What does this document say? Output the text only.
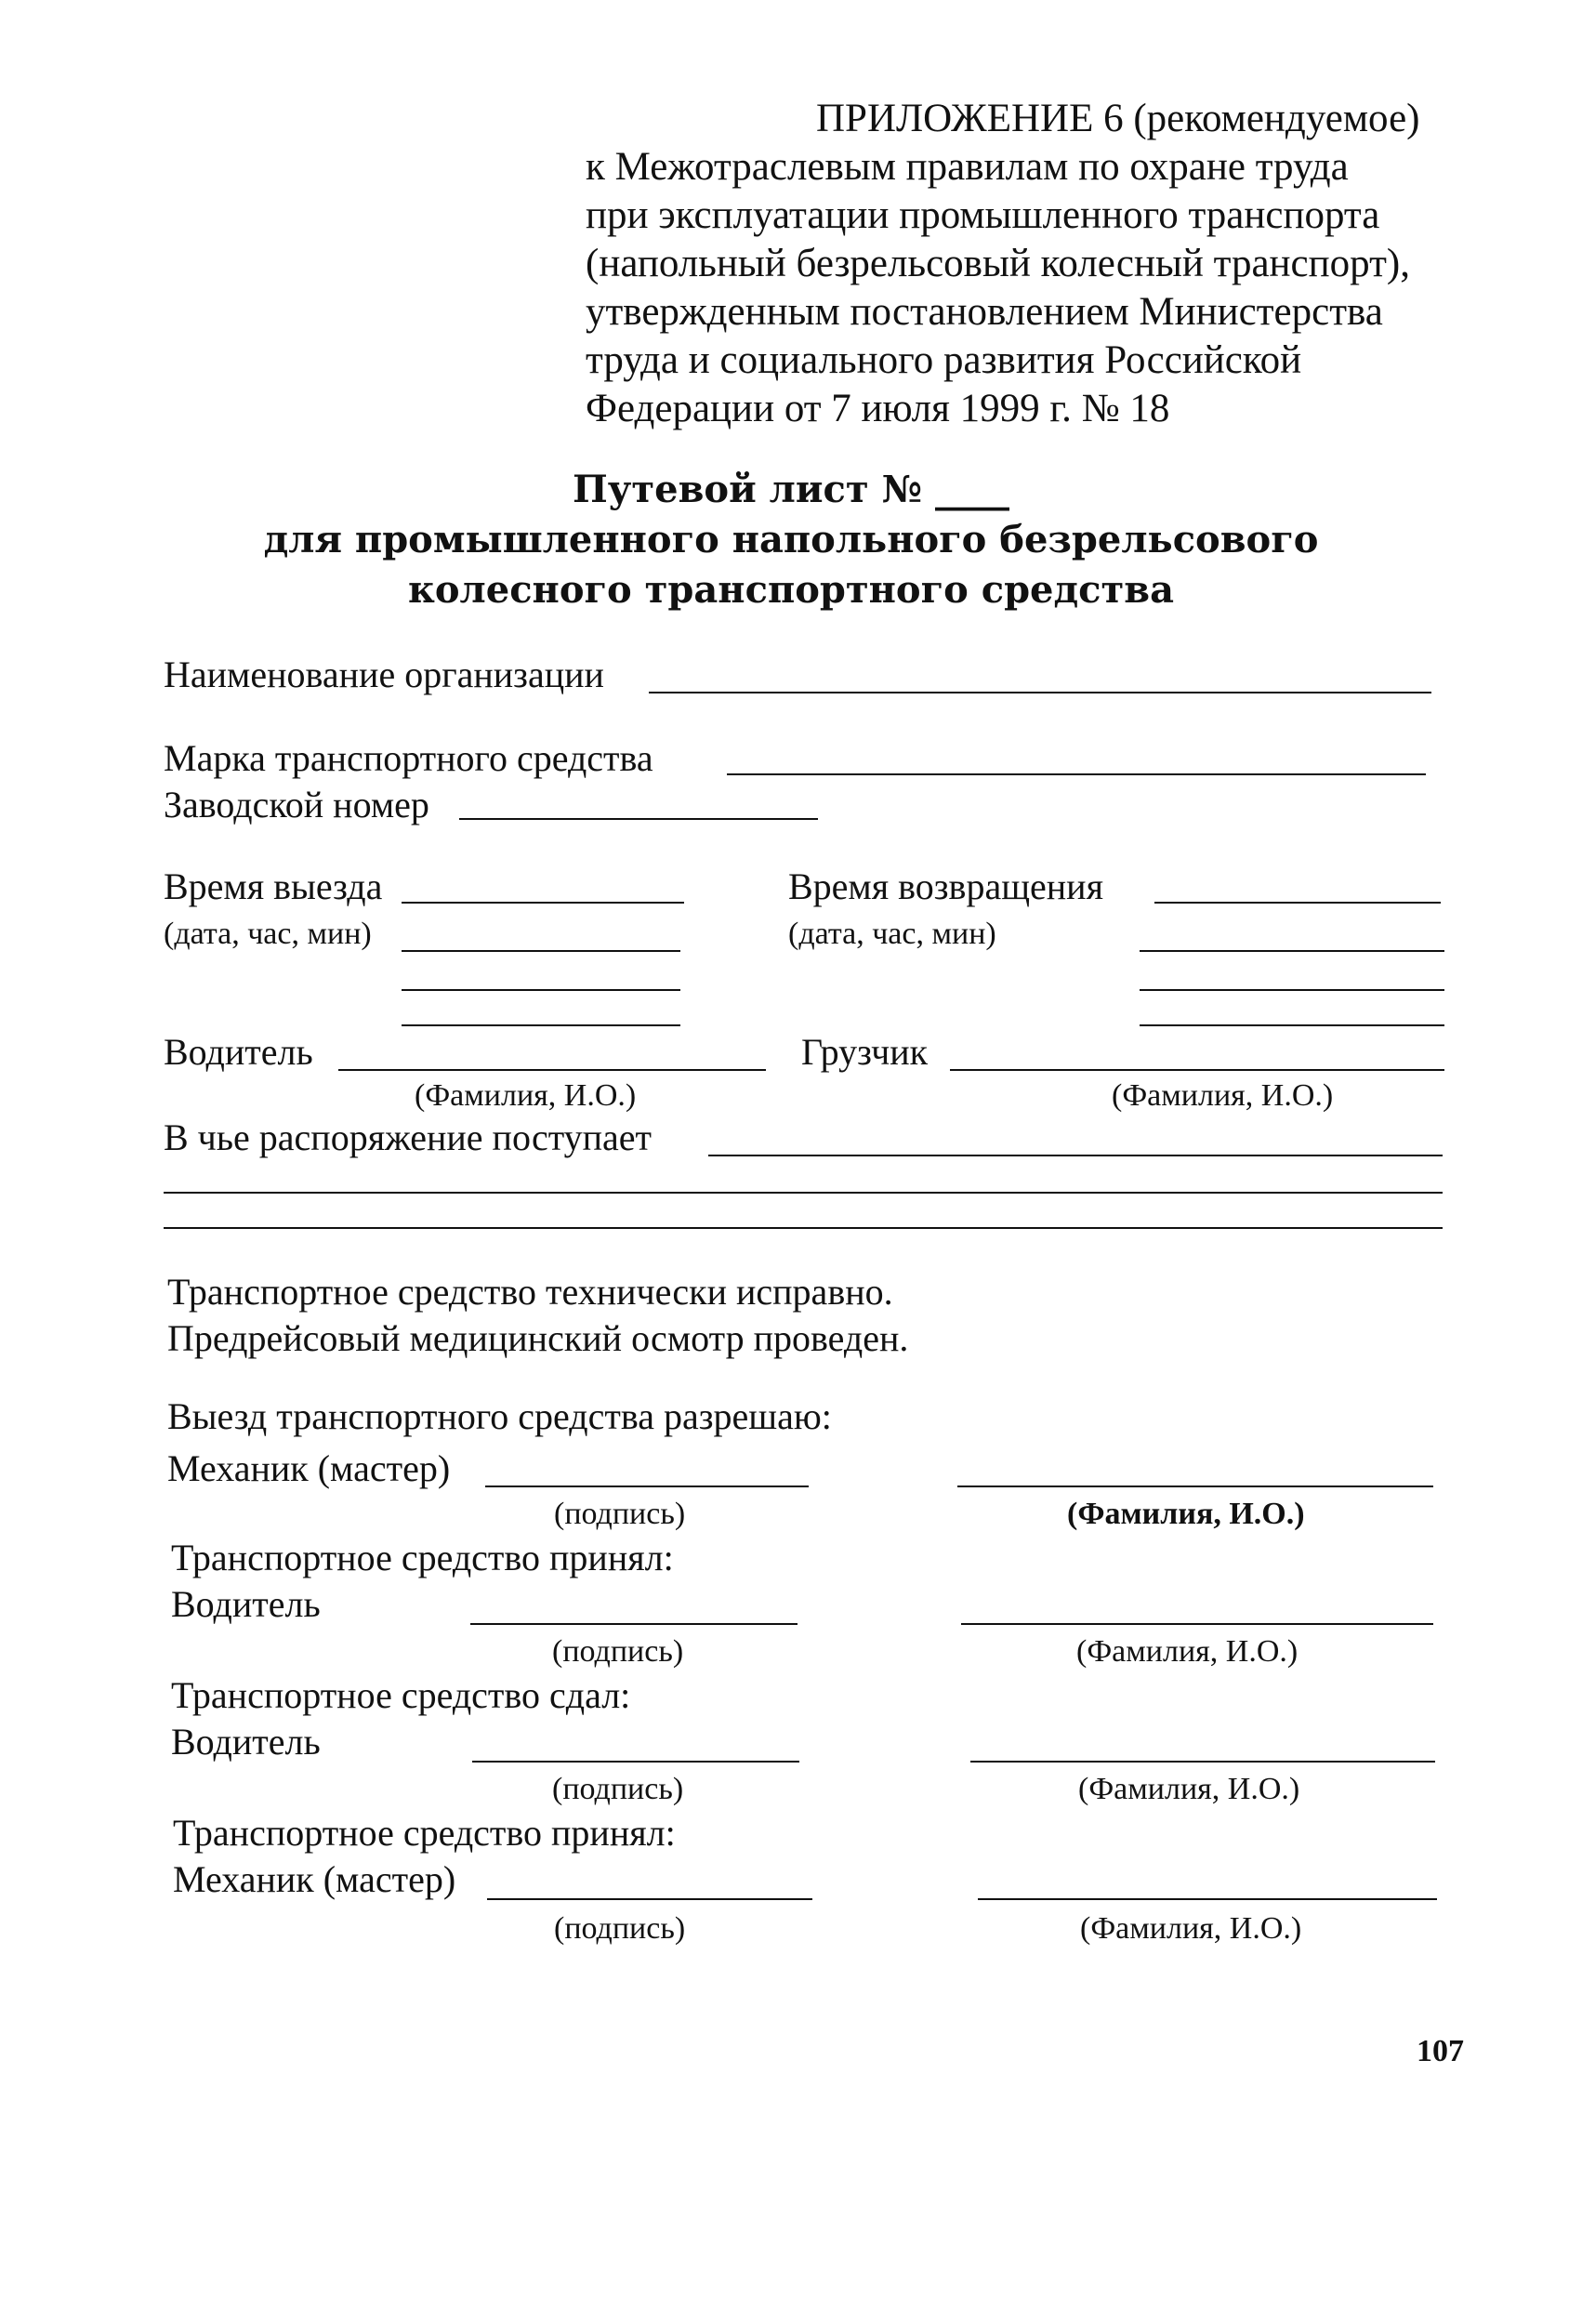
ПРИЛОЖЕНИЕ 6 (рекомендуемое)
к Межотраслевым правилам по охране труда
при эксплуатации промышленного транспорта
(напольный безрельсовый колесный транспорт),
утвержденным постановлением Министерства
труда и социального развития Российской
Федерации от 7 июля 1999 г. № 18
Путевой лист № ____
для промышленного напольного безрельсового
колесного транспортного средства
Наименование организации
Марка транспортного средства
Заводской номер
Время выезда
(дата, час, мин)
Время возвращения
(дата, час, мин)
Водитель
(Фамилия, И.О.)
Грузчик
(Фамилия, И.О.)
В чье распоряжение поступает
Транспортное средство технически исправно.
Предрейсовый медицинский осмотр проведен.
Выезд транспортного средства разрешаю:
Механик (мастер)
(подпись)	(Фамилия, И.О.)
Транспортное средство принял:
Водитель
(подпись)	(Фамилия, И.О.)
Транспортное средство сдал:
Водитель
(подпись)	(Фамилия, И.О.)
Транспортное средство принял:
Механик (мастер)
(подпись)	(Фамилия, И.О.)
107
